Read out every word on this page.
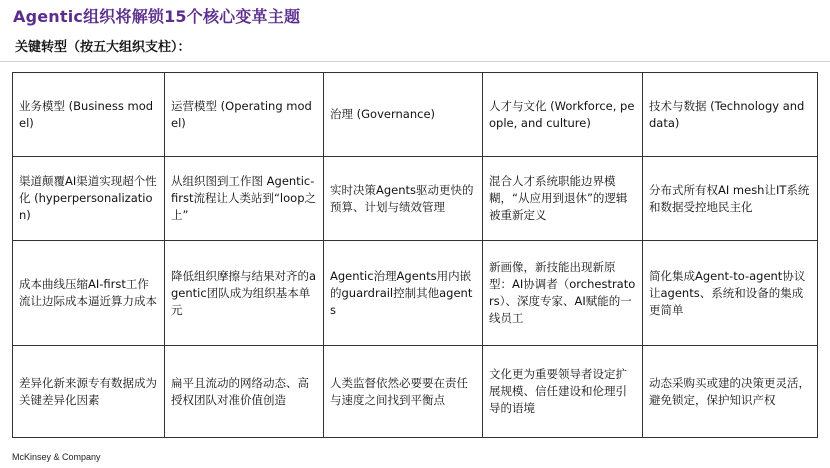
Agentic组织将解锁15个核心变革主题
关键转型（按五大组织支柱）：
业务模型 (Business model)	运营模型 (Operating model)	治理 (Governance)	人才与文化 (Workforce, people, and culture)	技术与数据 (Technology and data)
渠道颠覆AI渠道实现超个性化 (hyperpersonalization)	从组织图到工作图 Agentic-first流程让人类站到“loop之上”	实时决策Agents驱动更快的预算、计划与绩效管理	混合人才系统职能边界模糊，“从应用到退休”的逻辑被重新定义	分布式所有权AI mesh让IT系统和数据受控地民主化
成本曲线压缩AI-first工作流让边际成本逼近算力成本	降低组织摩擦与结果对齐的agentic团队成为组织基本单元	Agentic治理Agents用内嵌的guardrail控制其他agents	新画像，新技能出现新原型：AI协调者（orchestrators）、深度专家、AI赋能的一线员工	简化集成Agent-to-agent协议让agents、系统和设备的集成更简单
差异化新来源专有数据成为关键差异化因素	扁平且流动的网络动态、高授权团队对准价值创造	人类监督依然必要要在责任与速度之间找到平衡点	文化更为重要领导者设定扩展规模、信任建设和伦理引导的语境	动态采购买或建的决策更灵活，避免锁定，保护知识产权
McKinsey & Company
